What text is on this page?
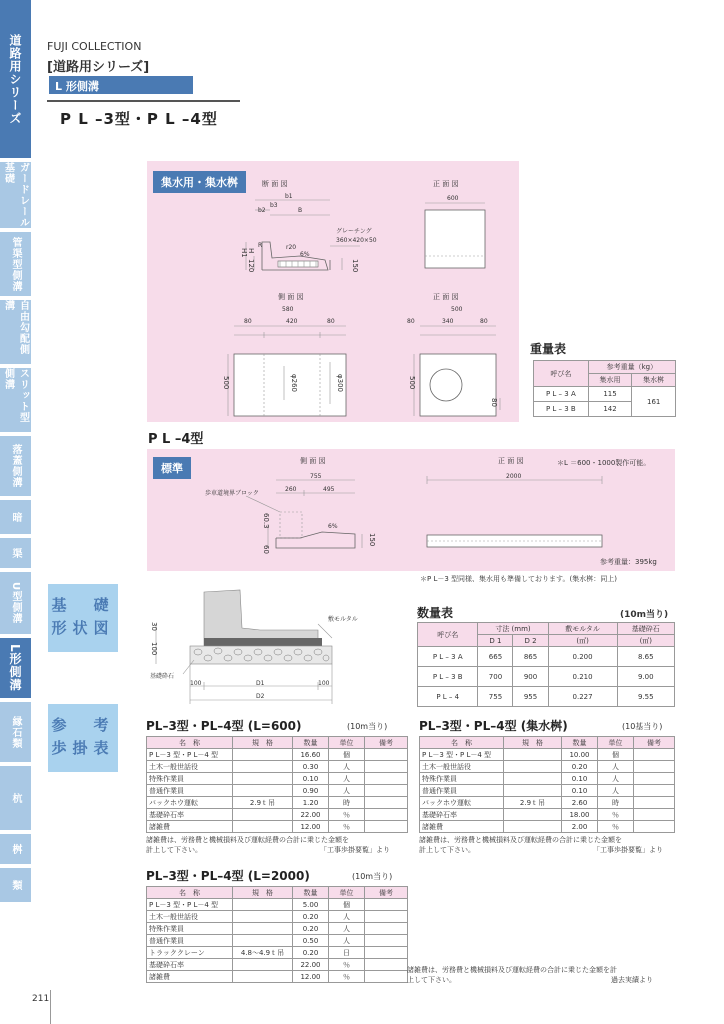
道路用シリーズ
ガードレール基礎
管渠型側溝
自由勾配側溝
スリット型側溝
落蓋側溝
暗
渠
U型側溝
L形側溝
縁石類
杭
桝
類
FUJI COLLECTION
[道路用シリーズ]
L 形側溝
P L –3型・P L –4型
集水用・集水桝	断 面 図	正 面 図
側 面 図	正 面 図
b1
b3
b2	B
グレーチング
360×420×50
R	r20
6%
H1 H
120	150
600
580
80	420	80
500
80	340	80
500	500
φ260	φ300
80
重量表
呼び名	参考重量（kg）	
	集水用	集水桝
P L – 3 A	115	161
P L – 3 B	142	
P L –4型
標準
側 面 図	正 面 図	＊L ＝600・1000製作可能。
755
260	495
歩車道境界ブロック
6%
60.3
60
150
2000
参考重量：395kg
＊P L－3 型同様、集水用も準備しております。(集水桝：同上)
基　礎
形状図	敷モルタル
基礎砕石
30
100
100	D1	100
D2
数量表	(10m当り)
呼び名	寸法 (mm)		敷モルタル	基礎砕石
	D 1	D 2	(㎥)	(㎥)
P L – 3 A	665	865	0.200	8.65
P L – 3 B	700	900	0.210	9.00
P L – 4	755	955	0.227	9.55
参　考
歩掛表
PL–3型・PL–4型 (L=600)	(10m当り)
名　称	規　格	数量	単位	備考
P L－3 型・P L－4 型		16.60	個	
土木一般世話役		0.30	人	
特殊作業員		0.10	人	
普通作業員		0.90	人	
バックホウ運転	2.9ｔ吊	1.20	時	
基礎砕石率		22.00	％	
諸雑費		12.00	％	
諸雑費は、労務費と機械損料及び運転経費の合計に乗じた金額を
計上して下さい。	「工事歩掛要覧」より
PL–3型・PL–4型 (集水桝)	(10基当り)
名　称	規　格	数量	単位	備考
P L－3 型・P L－4 型		10.00	個	
土木一般世話役		0.20	人	
特殊作業員		0.10	人	
普通作業員		0.10	人	
バックホウ運転	2.9ｔ吊	2.60	時	
基礎砕石率		18.00	％	
諸雑費		2.00	％	
諸雑費は、労務費と機械損料及び運転経費の合計に乗じた金額を
計上して下さい。	「工事歩掛要覧」より
PL–3型・PL–4型 (L=2000)	(10m当り)
名　称	規　格	数量	単位	備考
P L－3 型・P L－4 型		5.00	個	
土木一般世話役		0.20	人	
特殊作業員		0.20	人	
普通作業員		0.50	人	
トラッククレーン	4.8〜4.9ｔ吊	0.20	日	
基礎砕石率		22.00	％	
諸雑費		12.00	％	
諸雑費は、労務費と機械損料及び運転経費の合計に乗じた金額を計
上して下さい。	過去実績より
211
